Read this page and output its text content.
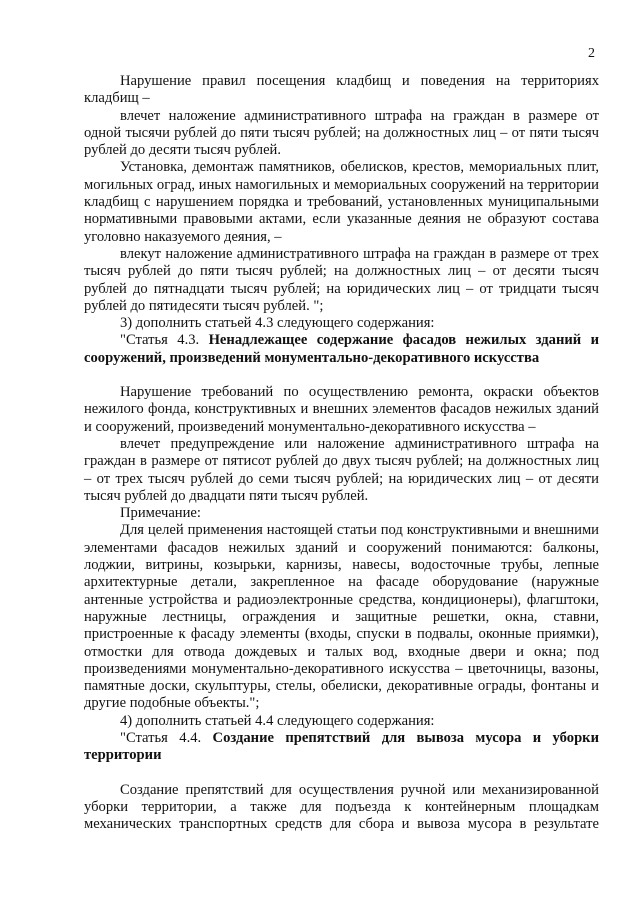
2

Нарушение правил посещения кладбищ и поведения на территориях кладбищ –

влечет наложение административного штрафа на граждан в размере от одной тысячи рублей до пяти тысяч рублей; на должностных лиц – от пяти тысяч рублей до десяти тысяч рублей.

Установка, демонтаж памятников, обелисков, крестов, мемориальных плит, могильных оград, иных намогильных и мемориальных сооружений на территории кладбищ с нарушением порядка и требований, установленных муниципальными нормативными правовыми актами, если указанные деяния не образуют состава уголовно наказуемого деяния, –

влекут наложение административного штрафа на граждан в размере от трех тысяч рублей до пяти тысяч рублей; на должностных лиц – от десяти тысяч рублей до пятнадцати тысяч рублей; на юридических лиц – от тридцати тысяч рублей до пятидесяти тысяч рублей. ";

3) дополнить статьей 4.3 следующего содержания:

"Статья 4.3. Ненадлежащее содержание фасадов нежилых зданий и сооружений, произведений монументально-декоративного искусства

Нарушение требований по осуществлению ремонта, окраски объектов нежилого фонда, конструктивных и внешних элементов фасадов нежилых зданий и сооружений, произведений монументально-декоративного искусства –

влечет предупреждение или наложение административного штрафа на граждан в размере от пятисот рублей до двух тысяч рублей; на должностных лиц – от трех тысяч рублей до семи тысяч рублей; на юридических лиц – от десяти тысяч рублей до двадцати пяти тысяч рублей.

Примечание:

Для целей применения настоящей статьи под конструктивными и внешними элементами фасадов нежилых зданий и сооружений понимаются: балконы, лоджии, витрины, козырьки, карнизы, навесы, водосточные трубы, лепные архитектурные детали, закрепленное на фасаде оборудование (наружные антенные устройства и радиоэлектронные средства, кондиционеры), флагштоки, наружные лестницы, ограждения и защитные решетки, окна, ставни, пристроенные к фасаду элементы (входы, спуски в подвалы, оконные приямки), отмостки для отвода дождевых и талых вод, входные двери и окна; под произведениями монументально-декоративного искусства – цветочницы, вазоны, памятные доски, скульптуры, стелы, обелиски, декоративные ограды, фонтаны и другие подобные объекты.";

4) дополнить статьей 4.4 следующего содержания:

"Статья 4.4. Создание препятствий для вывоза мусора и уборки территории

Создание препятствий для осуществления ручной или механизированной уборки территории, а также для подъезда к контейнерным площадкам механических транспортных средств для сбора и вывоза мусора в результате
